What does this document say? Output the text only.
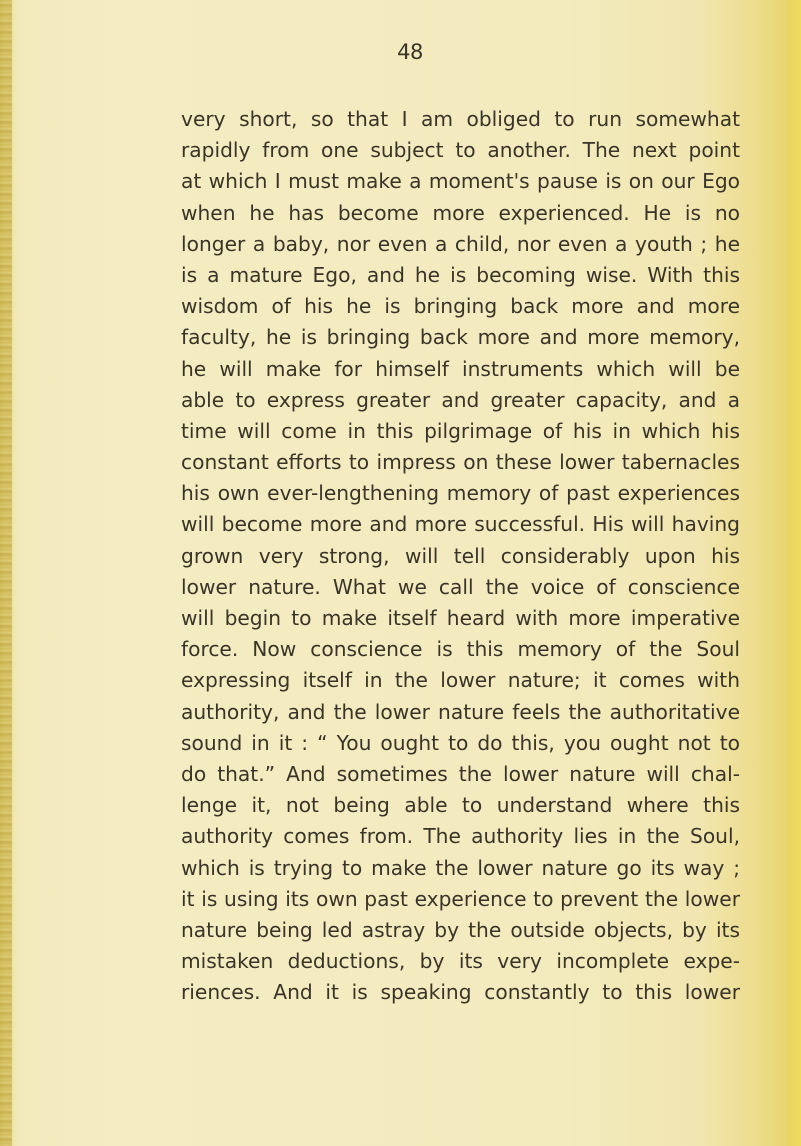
48
very short, so that I am obliged to run somewhat
rapidly from one subject to another. The next point
at which I must make a moment's pause is on our Ego
when he has become more experienced. He is no
longer a baby, nor even a child, nor even a youth ; he
is a mature Ego, and he is becoming wise. With this
wisdom of his he is bringing back more and more
faculty, he is bringing back more and more memory,
he will make for himself instruments which will be
able to express greater and greater capacity, and a
time will come in this pilgrimage of his in which his
constant efforts to impress on these lower tabernacles
his own ever-lengthening memory of past experiences
will become more and more successful. His will having
grown very strong, will tell considerably upon his
lower nature. What we call the voice of conscience
will begin to make itself heard with more imperative
force. Now conscience is this memory of the Soul
expressing itself in the lower nature; it comes with
authority, and the lower nature feels the authoritative
sound in it : “ You ought to do this, you ought not to
do that.” And sometimes the lower nature will chal-
lenge it, not being able to understand where this
authority comes from. The authority lies in the Soul,
which is trying to make the lower nature go its way ;
it is using its own past experience to prevent the lower
nature being led astray by the outside objects, by its
mistaken deductions, by its very incomplete expe-
riences. And it is speaking constantly to this lower
